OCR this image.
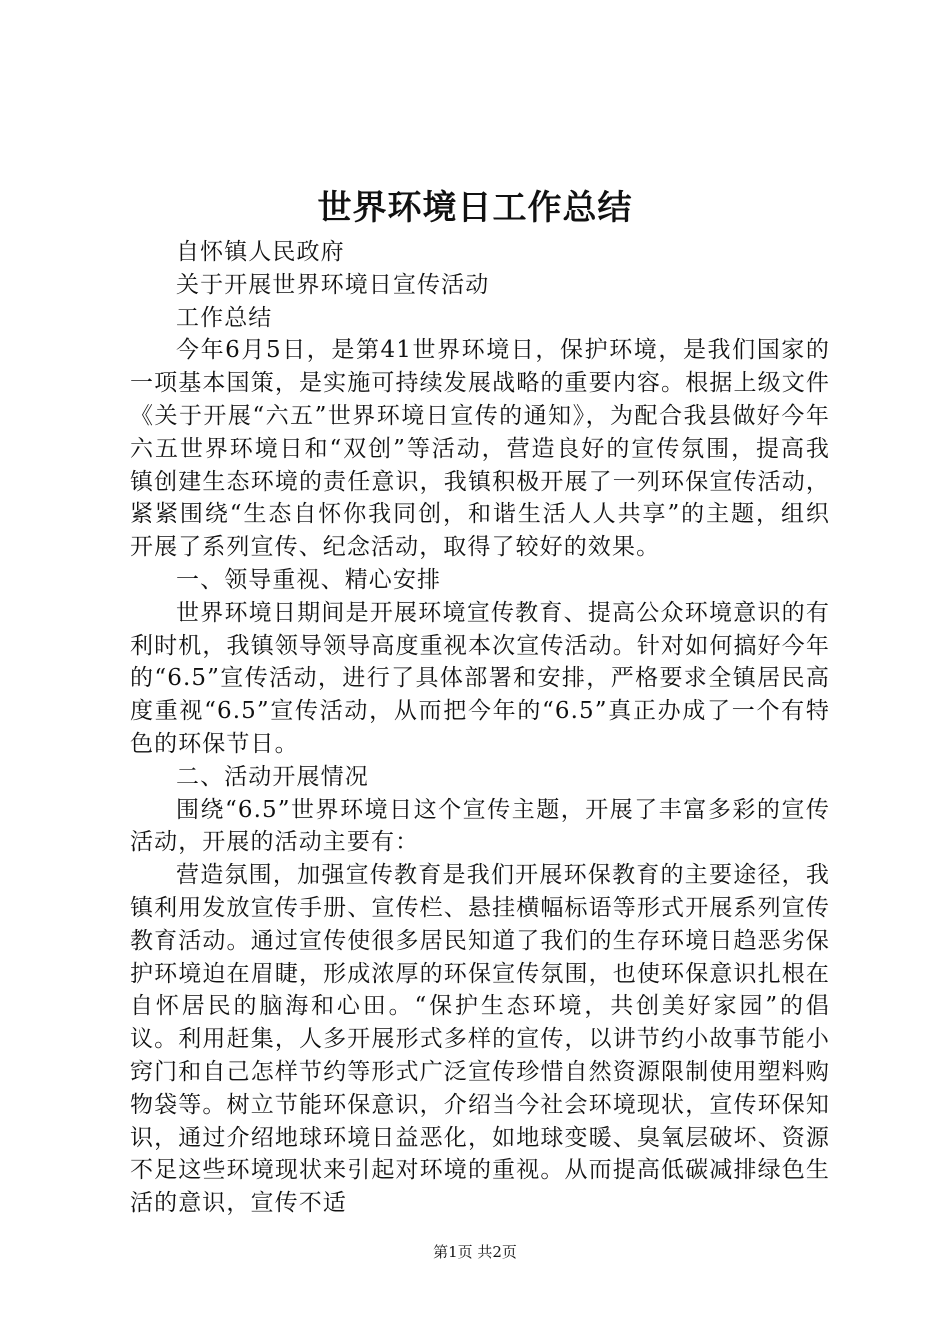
世界环境日工作总结

自怀镇人民政府

关于开展世界环境日宣传活动

工作总结

今年6月5日，是第41世界环境日，保护环境，是我们国家的一项基本国策，是实施可持续发展战略的重要内容。根据上级文件《关于开展“六五”世界环境日宣传的通知》，为配合我县做好今年六五世界环境日和“双创”等活动，营造良好的宣传氛围，提高我镇创建生态环境的责任意识，我镇积极开展了一列环保宣传活动，紧紧围绕“生态自怀你我同创，和谐生活人人共享”的主题，组织开展了系列宣传、纪念活动，取得了较好的效果。

一、领导重视、精心安排

世界环境日期间是开展环境宣传教育、提高公众环境意识的有利时机，我镇领导领导高度重视本次宣传活动。针对如何搞好今年的“6.5”宣传活动，进行了具体部署和安排，严格要求全镇居民高度重视“6.5”宣传活动，从而把今年的“6.5”真正办成了一个有特色的环保节日。

二、活动开展情况

围绕“6.5”世界环境日这个宣传主题，开展了丰富多彩的宣传活动，开展的活动主要有：

营造氛围，加强宣传教育是我们开展环保教育的主要途径，我镇利用发放宣传手册、宣传栏、悬挂横幅标语等形式开展系列宣传教育活动。通过宣传使很多居民知道了我们的生存环境日趋恶劣保护环境迫在眉睫，形成浓厚的环保宣传氛围，也使环保意识扎根在自怀居民的脑海和心田。“保护生态环境，共创美好家园”的倡议。利用赶集，人多开展形式多样的宣传，以讲节约小故事节能小窍门和自己怎样节约等形式广泛宣传珍惜自然资源限制使用塑料购物袋等。树立节能环保意识，介绍当今社会环境现状，宣传环保知识，通过介绍地球环境日益恶化，如地球变暖、臭氧层破坏、资源不足这些环境现状来引起对环境的重视。从而提高低碳减排绿色生活的意识，宣传不适

第1页 共2页
